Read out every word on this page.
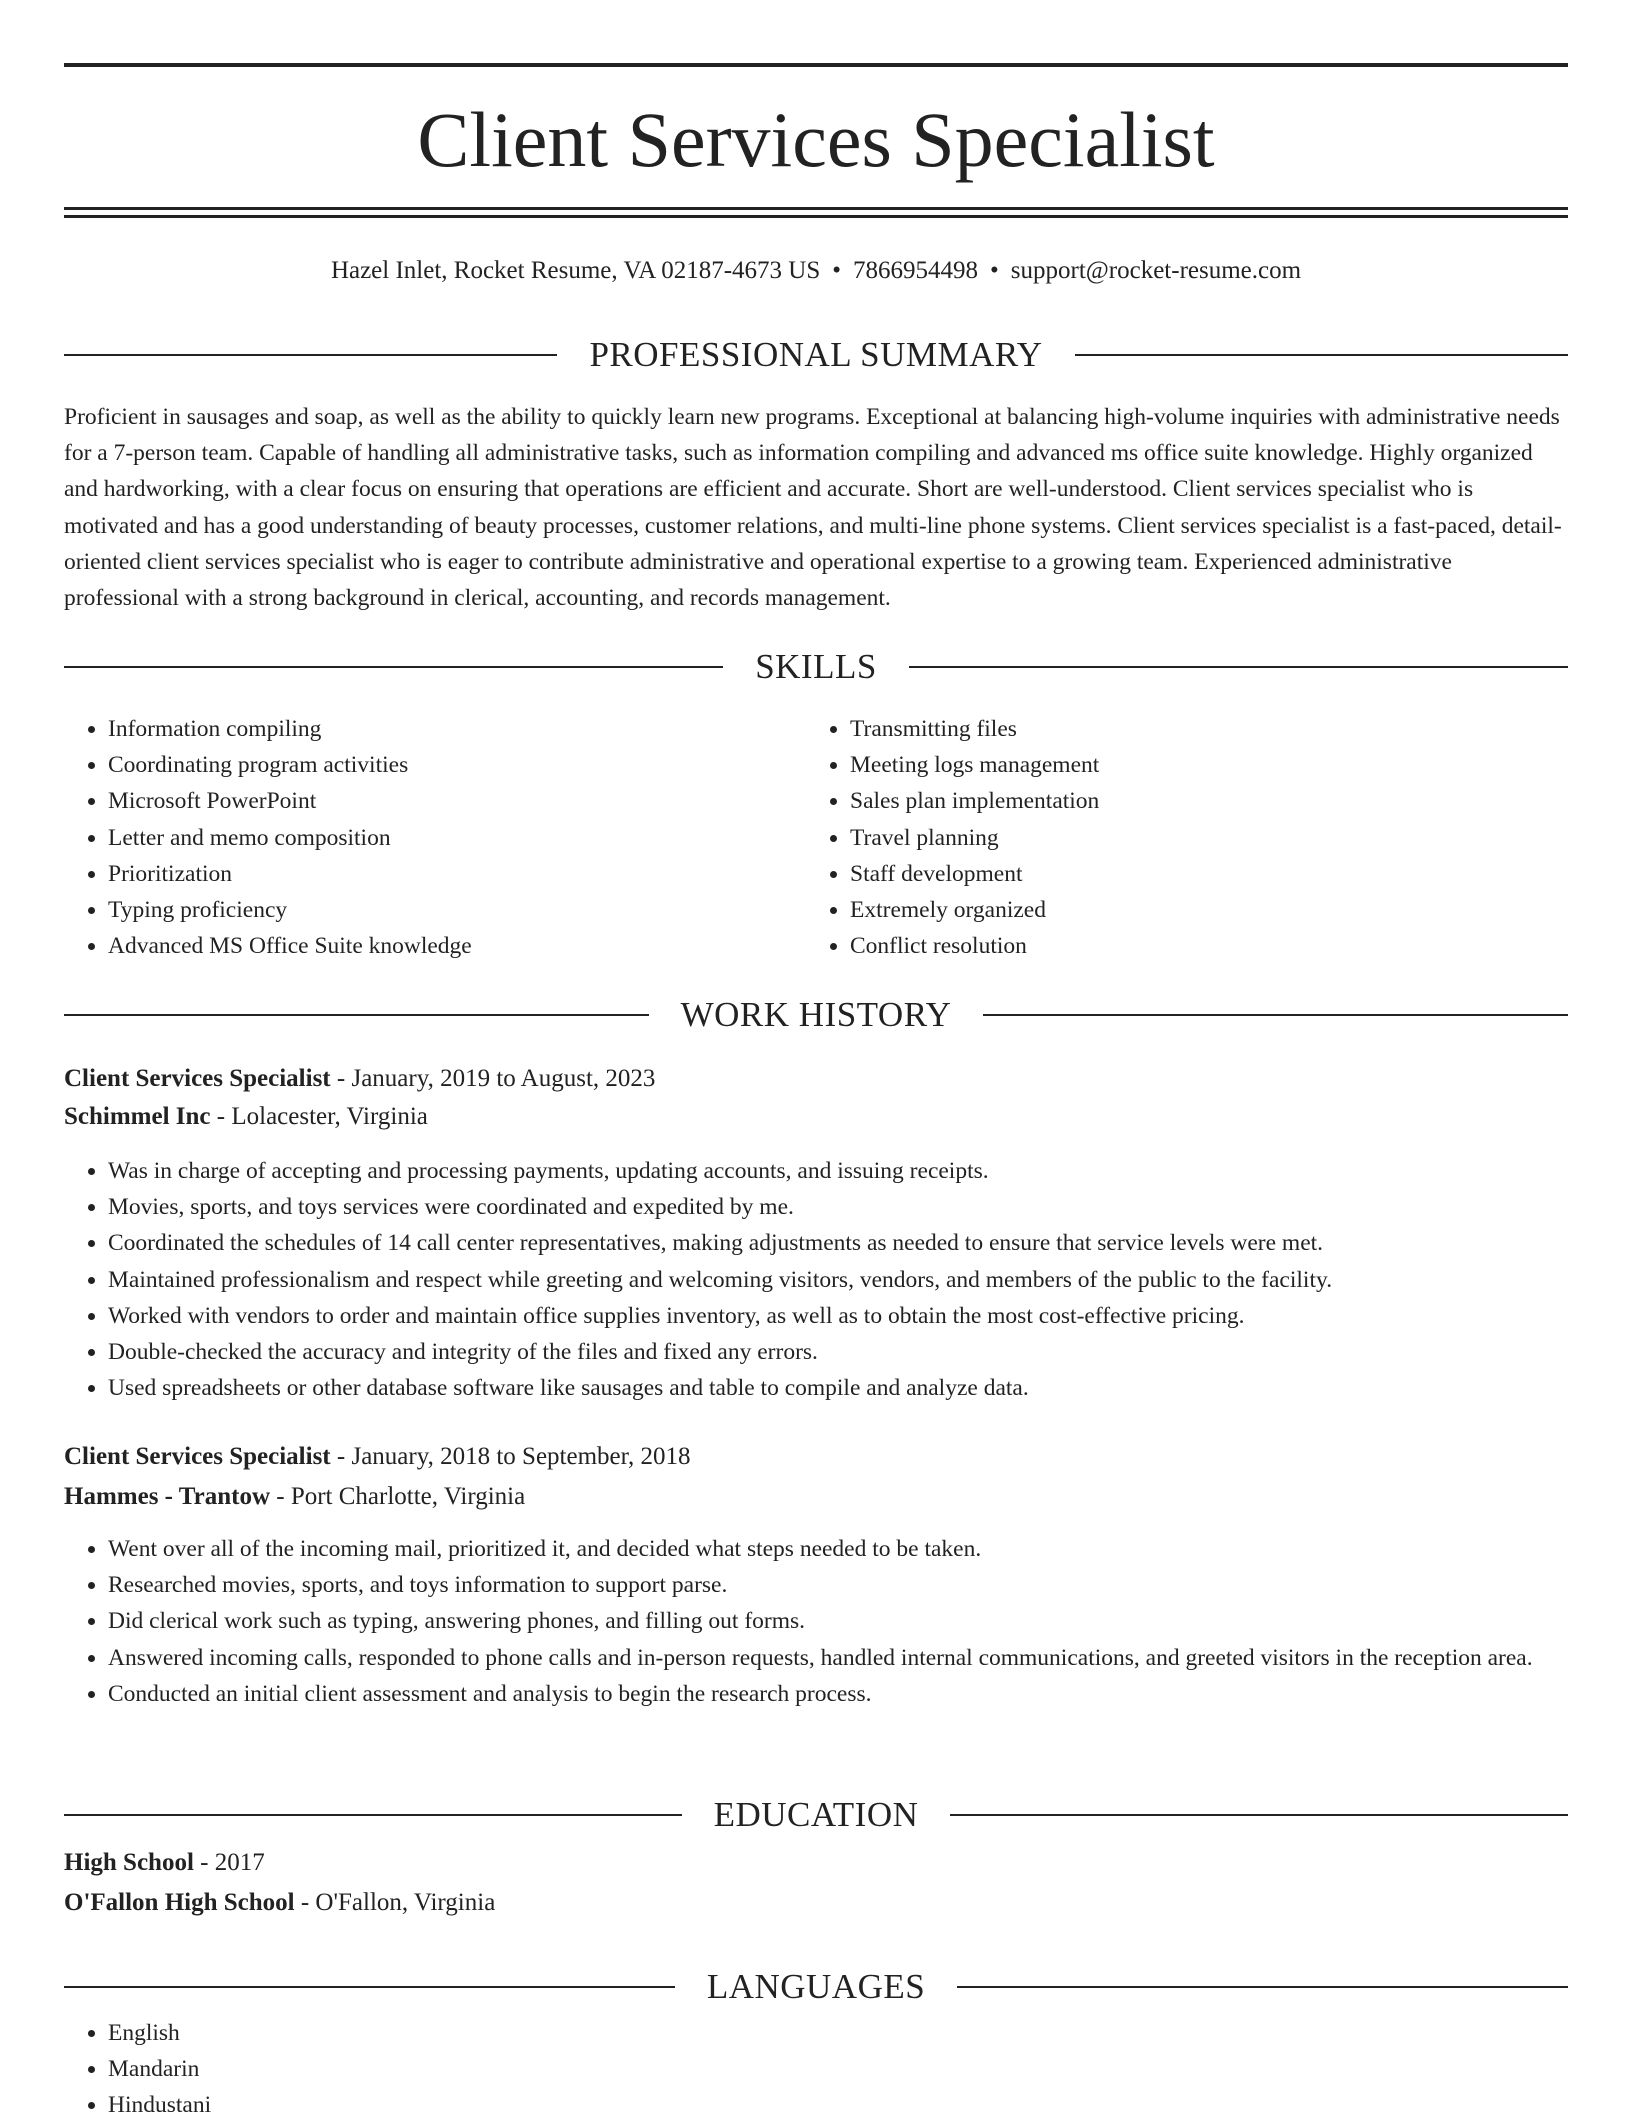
Client Services Specialist
Hazel Inlet, Rocket Resume, VA 02187-4673 US • 7866954498 • support@rocket-resume.com
PROFESSIONAL SUMMARY

Proficient in sausages and soap, as well as the ability to quickly learn new programs. Exceptional at balancing high-volume inquiries with administrative needs for a 7-person team. Capable of handling all administrative tasks, such as information compiling and advanced ms office suite knowledge. Highly organized and hardworking, with a clear focus on ensuring that operations are efficient and accurate. Short are well-understood. Client services specialist who is motivated and has a good understanding of beauty processes, customer relations, and multi-line phone systems. Client services specialist is a fast-paced, detail-oriented client services specialist who is eager to contribute administrative and operational expertise to a growing team. Experienced administrative professional with a strong background in clerical, accounting, and records management.

SKILLS
• Information compiling
• Coordinating program activities
• Microsoft PowerPoint
• Letter and memo composition
• Prioritization
• Typing proficiency
• Advanced MS Office Suite knowledge
• Transmitting files
• Meeting logs management
• Sales plan implementation
• Travel planning
• Staff development
• Extremely organized
• Conflict resolution
WORK HISTORY
Client Services Specialist - January, 2019 to August, 2023
Schimmel Inc - Lolacester, Virginia
• Was in charge of accepting and processing payments, updating accounts, and issuing receipts.
• Movies, sports, and toys services were coordinated and expedited by me.
• Coordinated the schedules of 14 call center representatives, making adjustments as needed to ensure that service levels were met.
• Maintained professionalism and respect while greeting and welcoming visitors, vendors, and members of the public to the facility.
• Worked with vendors to order and maintain office supplies inventory, as well as to obtain the most cost-effective pricing.
• Double-checked the accuracy and integrity of the files and fixed any errors.
• Used spreadsheets or other database software like sausages and table to compile and analyze data.
Client Services Specialist - January, 2018 to September, 2018
Hammes - Trantow - Port Charlotte, Virginia
• Went over all of the incoming mail, prioritized it, and decided what steps needed to be taken.
• Researched movies, sports, and toys information to support parse.
• Did clerical work such as typing, answering phones, and filling out forms.
• Answered incoming calls, responded to phone calls and in-person requests, handled internal communications, and greeted visitors in the reception area.
• Conducted an initial client assessment and analysis to begin the research process.
EDUCATION
High School - 2017
O'Fallon High School - O'Fallon, Virginia
LANGUAGES
• English
• Mandarin
• Hindustani
